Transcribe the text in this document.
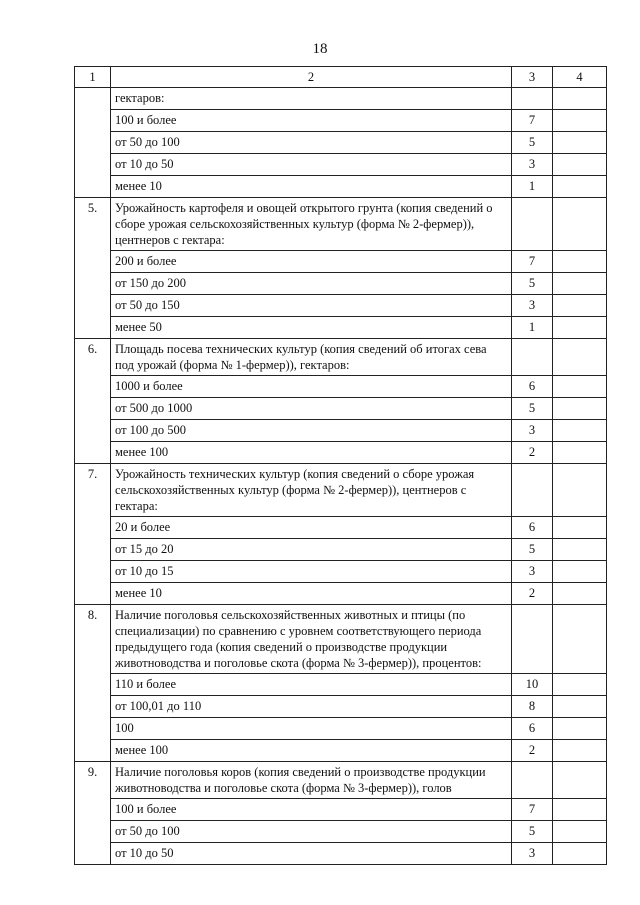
18
1	2	3	4
	гектаров:		
	100 и более	7	
	от 50 до 100	5	
	от 10 до 50	3	
	менее 10	1	
5.	Урожайность картофеля и овощей открытого грунта (копия сведений о сборе урожая сельскохозяйственных культур (форма № 2-фермер)), центнеров с гектара:		
	200 и более	7	
	от 150 до 200	5	
	от 50 до 150	3	
	менее 50	1	
6.	Площадь посева технических культур (копия сведений об итогах сева под урожай (форма № 1-фермер)), гектаров:		
	1000 и более	6	
	от 500 до 1000	5	
	от 100 до 500	3	
	менее 100	2	
7.	Урожайность технических культур (копия сведений о сборе урожая сельскохозяйственных культур (форма № 2-фермер)), центнеров с гектара:		
	20 и более	6	
	от 15 до 20	5	
	от 10 до 15	3	
	менее 10	2	
8.	Наличие поголовья сельскохозяйственных животных и птицы (по специализации) по сравнению с уровнем соответствующего периода предыдущего года (копия сведений о производстве продукции животноводства и поголовье скота (форма № 3-фермер)), процентов:		
	110 и более	10	
	от 100,01 до 110	8	
	100	6	
	менее 100	2	
9.	Наличие поголовья коров (копия сведений о производстве продукции животноводства и поголовье скота (форма № 3-фермер)), голов		
	100 и более	7	
	от 50 до 100	5	
	от 10 до 50	3	
